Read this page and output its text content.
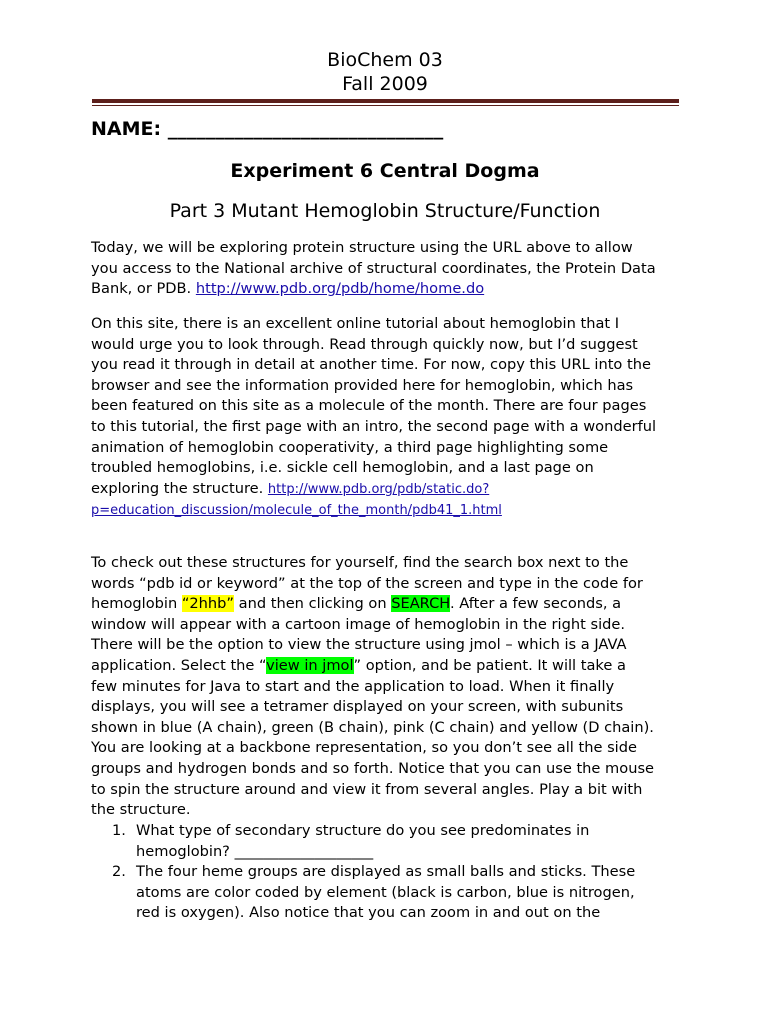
BioChem 03
Fall 2009
NAME: _____________________________
Experiment 6 Central Dogma
Part 3 Mutant Hemoglobin Structure/Function
Today, we will be exploring protein structure using the URL above to allow
you access to the National archive of structural coordinates, the Protein Data
Bank, or PDB. http://www.pdb.org/pdb/home/home.do
On this site, there is an excellent online tutorial about hemoglobin that I
would urge you to look through. Read through quickly now, but I’d suggest
you read it through in detail at another time. For now, copy this URL into the
browser and see the information provided here for hemoglobin, which has
been featured on this site as a molecule of the month. There are four pages
to this tutorial, the first page with an intro, the second page with a wonderful
animation of hemoglobin cooperativity, a third page highlighting some
troubled hemoglobins, i.e. sickle cell hemoglobin, and a last page on
exploring the structure. http://www.pdb.org/pdb/static.do?
p=education_discussion/molecule_of_the_month/pdb41_1.html
To check out these structures for yourself, find the search box next to the
words “pdb id or keyword” at the top of the screen and type in the code for
hemoglobin “2hhb” and then clicking on SEARCH. After a few seconds, a
window will appear with a cartoon image of hemoglobin in the right side.
There will be the option to view the structure using jmol – which is a JAVA
application. Select the “view in jmol” option, and be patient. It will take a
few minutes for Java to start and the application to load. When it finally
displays, you will see a tetramer displayed on your screen, with subunits
shown in blue (A chain), green (B chain), pink (C chain) and yellow (D chain).
You are looking at a backbone representation, so you don’t see all the side
groups and hydrogen bonds and so forth. Notice that you can use the mouse
to spin the structure around and view it from several angles. Play a bit with
the structure.
1. What type of secondary structure do you see predominates in
hemoglobin? ___________________
2. The four heme groups are displayed as small balls and sticks. These
atoms are color coded by element (black is carbon, blue is nitrogen,
red is oxygen). Also notice that you can zoom in and out on the
